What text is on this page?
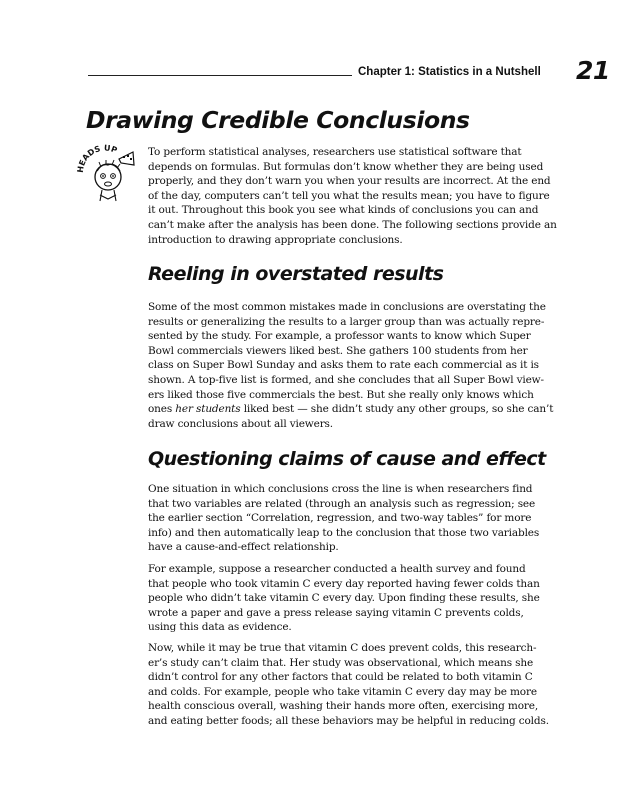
Chapter 1: Statistics in a Nutshell 21
Drawing Credible Conclusions
HEADS UP	To perform statistical analyses, researchers use statistical software that
depends on formulas. But formulas don’t know whether they are being used
properly, and they don’t warn you when your results are incorrect. At the end
of the day, computers can’t tell you what the results mean; you have to figure
it out. Throughout this book you see what kinds of conclusions you can and
can’t make after the analysis has been done. The following sections provide an
introduction to drawing appropriate conclusions.
Reeling in overstated results
Some of the most common mistakes made in conclusions are overstating the
results or generalizing the results to a larger group than was actually repre-
sented by the study. For example, a professor wants to know which Super
Bowl commercials viewers liked best. She gathers 100 students from her
class on Super Bowl Sunday and asks them to rate each commercial as it is
shown. A top-five list is formed, and she concludes that all Super Bowl view-
ers liked those five commercials the best. But she really only knows which
ones her students liked best — she didn’t study any other groups, so she can’t
draw conclusions about all viewers.
Questioning claims of cause and effect
One situation in which conclusions cross the line is when researchers find
that two variables are related (through an analysis such as regression; see
the earlier section “Correlation, regression, and two-way tables” for more
info) and then automatically leap to the conclusion that those two variables
have a cause-and-effect relationship.
For example, suppose a researcher conducted a health survey and found
that people who took vitamin C every day reported having fewer colds than
people who didn’t take vitamin C every day. Upon finding these results, she
wrote a paper and gave a press release saying vitamin C prevents colds,
using this data as evidence.
Now, while it may be true that vitamin C does prevent colds, this research-
er’s study can’t claim that. Her study was observational, which means she
didn’t control for any other factors that could be related to both vitamin C
and colds. For example, people who take vitamin C every day may be more
health conscious overall, washing their hands more often, exercising more,
and eating better foods; all these behaviors may be helpful in reducing colds.
